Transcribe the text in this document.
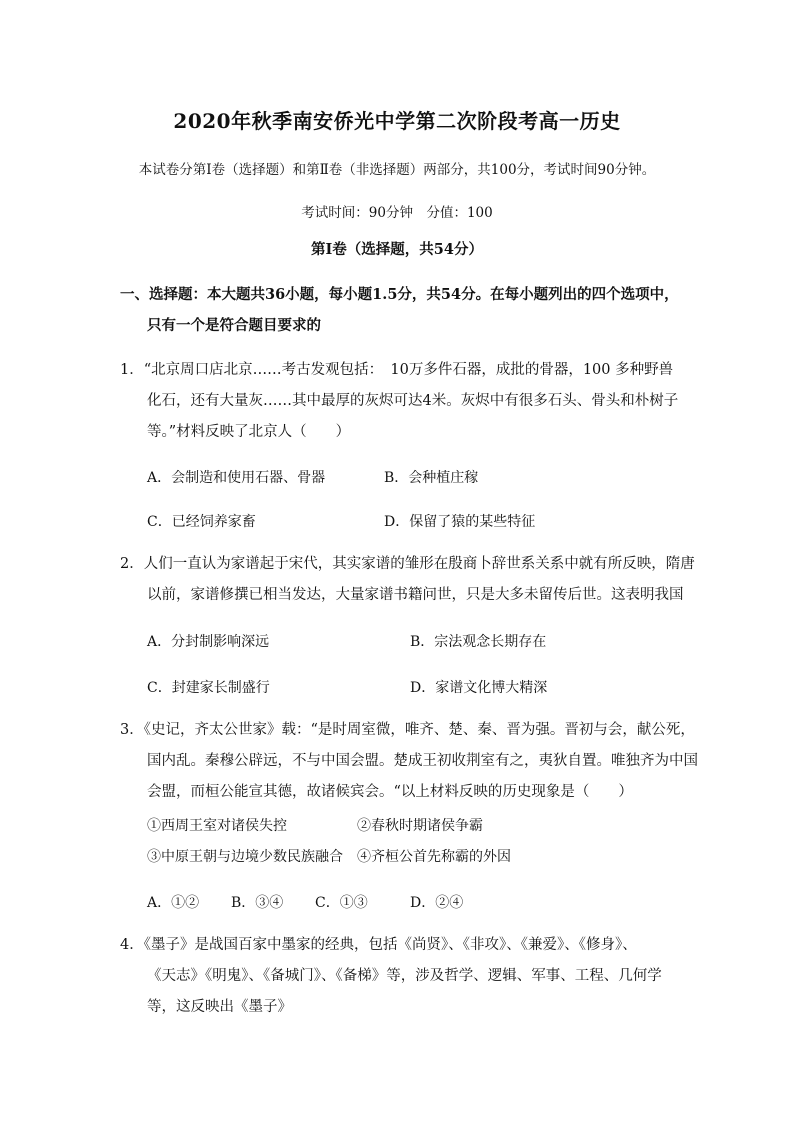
2020年秋季南安侨光中学第二次阶段考高一历史
本试卷分第Ⅰ卷（选择题）和第Ⅱ卷（非选择题）两部分，共100分，考试时间90分钟。
考试时间：90分钟　分值：100
第Ⅰ卷（选择题，共54分）
一、选择题：本大题共36小题，每小题1.5分，共54分。在每小题列出的四个选项中，
只有一个是符合题目要求的
1．“北京周口店北京……考古发观包括：　10万多件石器，成批的骨器，100 多种野兽
化石，还有大量灰……其中最厚的灰烬可达4米。灰烬中有很多石头、骨头和朴树子
等。”材料反映了北京人（　　）
A．会制造和使用石器、骨器	B．会种植庄稼
C．已经饲养家畜	D．保留了猿的某些特征
2．人们一直认为家谱起于宋代，其实家谱的雏形在殷商卜辞世系关系中就有所反映，隋唐
以前，家谱修撰已相当发达，大量家谱书籍问世，只是大多未留传后世。这表明我国
A．分封制影响深远	B．宗法观念长期存在
C．封建家长制盛行	D．家谱文化博大精深
3．《史记，齐太公世家》载：“是时周室微，唯齐、楚、秦、晋为强。晋初与会，献公死，
国内乱。秦穆公辟远，不与中国会盟。楚成王初收荆室有之，夷狄自置。唯独齐为中国
会盟，而桓公能宣其德，故诸候宾会。“以上材料反映的历史现象是（　　）
①西周王室对诸侯失控	②春秋时期诸侯争霸
③中原王朝与边境少数民族融合 ④齐桓公首先称霸的外因
A．①② B．③④ C．①③	D．②④
4．《墨子》是战国百家中墨家的经典，包括《尚贤》、《非攻》、《兼爱》、《修身》、
《天志》《明鬼》、《备城门》、《备梯》等，涉及哲学、逻辑、军事、工程、几何学
等，这反映出《墨子》
